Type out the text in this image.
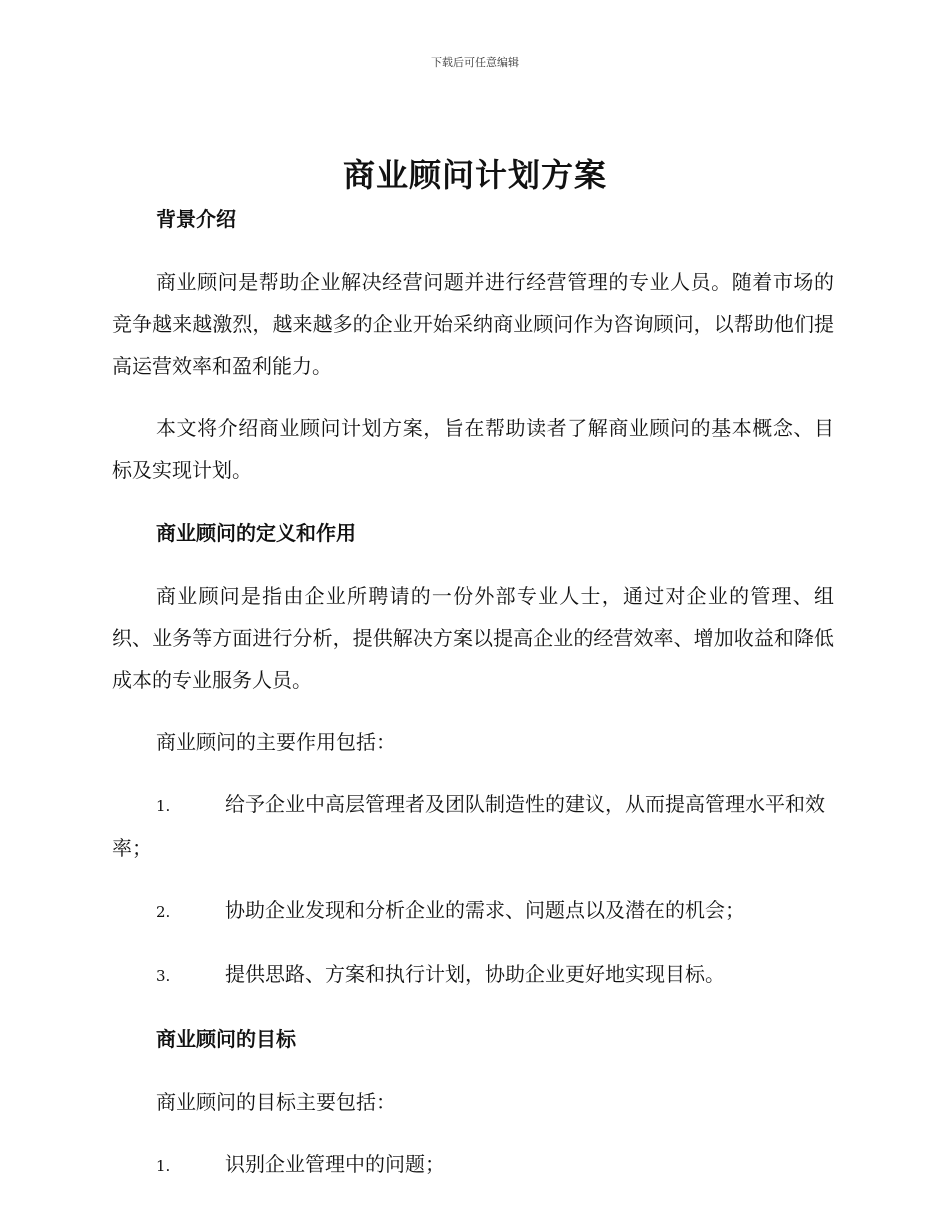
下载后可任意编辑
商业顾问计划方案
背景介绍

商业顾问是帮助企业解决经营问题并进行经营管理的专业人员。随着市场的竞争越来越激烈，越来越多的企业开始采纳商业顾问作为咨询顾问，以帮助他们提高运营效率和盈利能力。

本文将介绍商业顾问计划方案，旨在帮助读者了解商业顾问的基本概念、目标及实现计划。

商业顾问的定义和作用

商业顾问是指由企业所聘请的一份外部专业人士，通过对企业的管理、组织、业务等方面进行分析，提供解决方案以提高企业的经营效率、增加收益和降低成本的专业服务人员。

商业顾问的主要作用包括：

1.	给予企业中高层管理者及团队制造性的建议，从而提高管理水平和效率；

2.	协助企业发现和分析企业的需求、问题点以及潜在的机会；

3.	提供思路、方案和执行计划，协助企业更好地实现目标。

商业顾问的目标

商业顾问的目标主要包括：

1.	识别企业管理中的问题；
